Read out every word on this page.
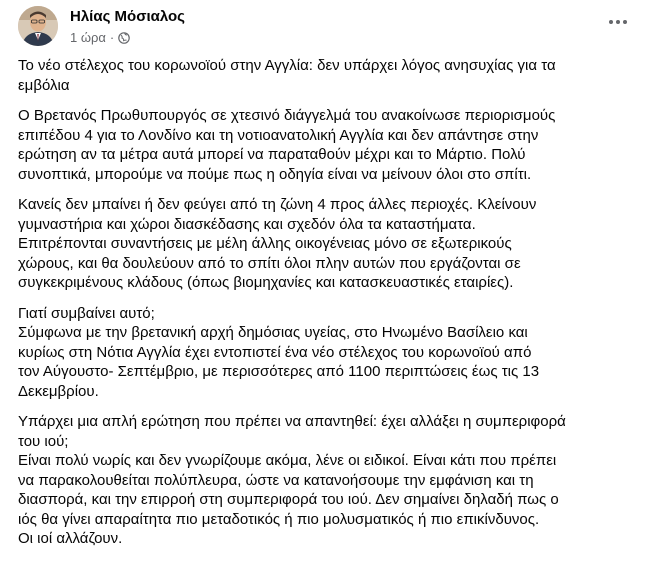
Ηλίας Μόσιαλος
1 ώρα ·
Το νέο στέλεχος του κορωνοϊού στην Αγγλία: δεν υπάρχει λόγος ανησυχίας για τα
εμβόλια
Ο Βρετανός Πρωθυπουργός σε χτεσινό διάγγελμά του ανακοίνωσε περιορισμούς
επιπέδου 4 για το Λονδίνο και τη νοτιοανατολική Αγγλία και δεν απάντησε στην
ερώτηση αν τα μέτρα αυτά μπορεί να παραταθούν μέχρι και το Μάρτιο. Πολύ
συνοπτικά, μπορούμε να πούμε πως η οδηγία είναι να μείνουν όλοι στο σπίτι.
Κανείς δεν μπαίνει ή δεν φεύγει από τη ζώνη 4 προς άλλες περιοχές. Κλείνουν
γυμναστήρια και χώροι διασκέδασης και σχεδόν όλα τα καταστήματα.
Επιτρέπονται συναντήσεις με μέλη άλλης οικογένειας μόνο σε εξωτερικούς
χώρους, και θα δουλεύουν από το σπίτι όλοι πλην αυτών που εργάζονται σε
συγκεκριμένους κλάδους (όπως βιομηχανίες και κατασκευαστικές εταιρίες).
Γιατί συμβαίνει αυτό;
Σύμφωνα με την βρετανική αρχή δημόσιας υγείας, στο Ηνωμένο Βασίλειο και
κυρίως στη Νότια Αγγλία έχει εντοπιστεί ένα νέο στέλεχος του κορωνοϊού από
τον Αύγουστο- Σεπτέμβριο, με περισσότερες από 1100 περιπτώσεις έως τις 13
Δεκεμβρίου.
Υπάρχει μια απλή ερώτηση που πρέπει να απαντηθεί: έχει αλλάξει η συμπεριφορά
του ιού;
Είναι πολύ νωρίς και δεν γνωρίζουμε ακόμα, λένε οι ειδικοί. Είναι κάτι που πρέπει
να παρακολουθείται πολύπλευρα, ώστε να κατανοήσουμε την εμφάνιση και τη
διασπορά, και την επιρροή στη συμπεριφορά του ιού. Δεν σημαίνει δηλαδή πως ο
ιός θα γίνει απαραίτητα πιο μεταδοτικός ή πιο μολυσματικός ή πιο επικίνδυνος.
Οι ιοί αλλάζουν.
